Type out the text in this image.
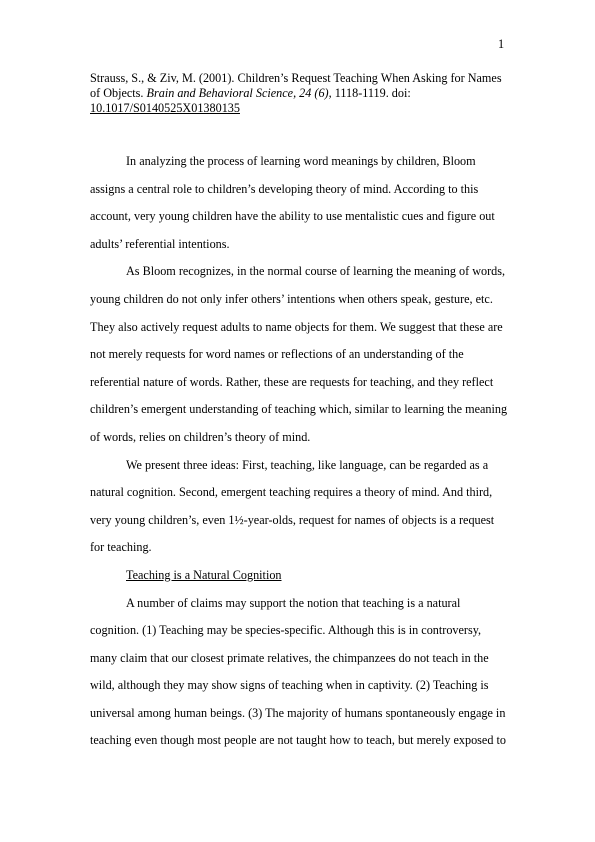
1
Strauss, S., & Ziv, M. (2001). Children’s Request Teaching When Asking for Names
of Objects. Brain and Behavioral Science, 24 (6), 1118-1119. doi:
10.1017/S0140525X01380135
In analyzing the process of learning word meanings by children, Bloom
assigns a central role to children’s developing theory of mind. According to this
account, very young children have the ability to use mentalistic cues and figure out
adults’ referential intentions.
As Bloom recognizes, in the normal course of learning the meaning of words,
young children do not only infer others’ intentions when others speak, gesture, etc.
They also actively request adults to name objects for them. We suggest that these are
not merely requests for word names or reflections of an understanding of the
referential nature of words. Rather, these are requests for teaching, and they reflect
children’s emergent understanding of teaching which, similar to learning the meaning
of words, relies on children’s theory of mind.
We present three ideas: First, teaching, like language, can be regarded as a
natural cognition. Second, emergent teaching requires a theory of mind. And third,
very young children’s, even 1½-year-olds, request for names of objects is a request
for teaching.
Teaching is a Natural Cognition
A number of claims may support the notion that teaching is a natural
cognition. (1) Teaching may be species-specific. Although this is in controversy,
many claim that our closest primate relatives, the chimpanzees do not teach in the
wild, although they may show signs of teaching when in captivity. (2) Teaching is
universal among human beings. (3) The majority of humans spontaneously engage in
teaching even though most people are not taught how to teach, but merely exposed to
